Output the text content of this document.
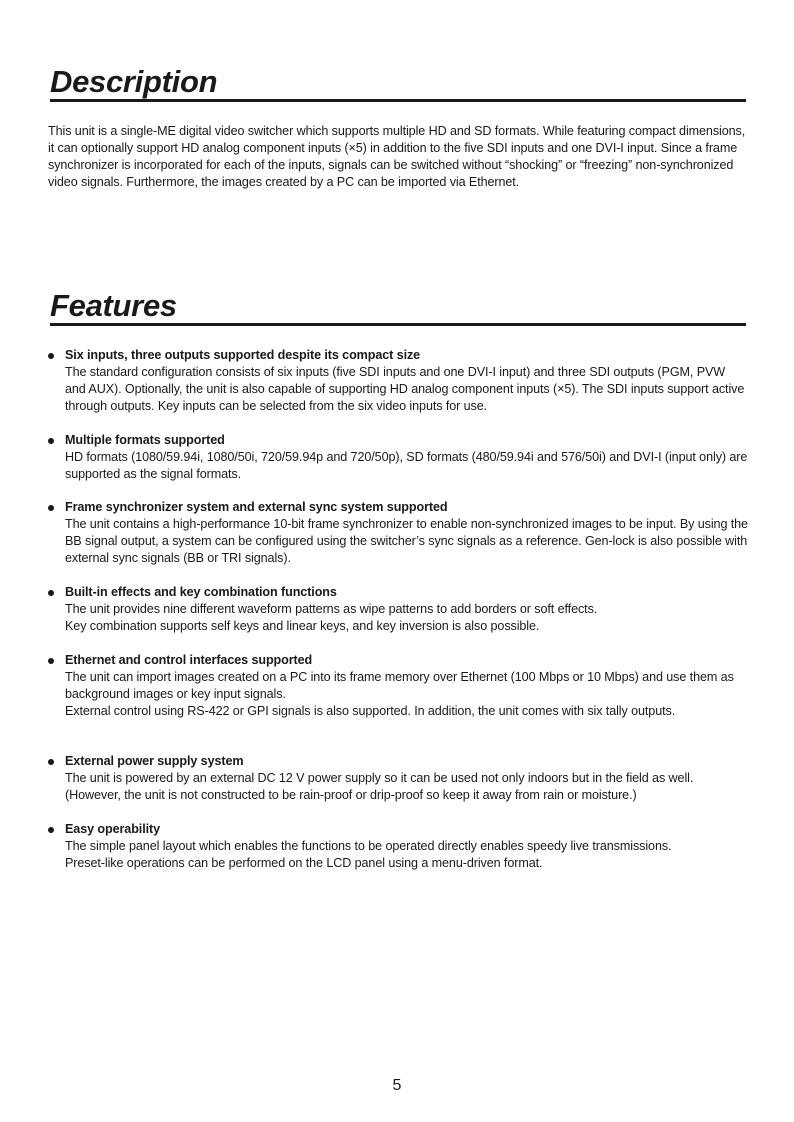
Description

This unit is a single-ME digital video switcher which supports multiple HD and SD formats. While featuring compact dimensions, it can optionally support HD analog component inputs (×5) in addition to the five SDI inputs and one DVI-I input. Since a frame synchronizer is incorporated for each of the inputs, signals can be switched without “shocking” or “freezing” non-synchronized video signals. Furthermore, the images created by a PC can be imported via Ethernet.

Features
Six inputs, three outputs supported despite its compact size
The standard configuration consists of six inputs (five SDI inputs and one DVI-I input) and three SDI outputs (PGM, PVW and AUX). Optionally, the unit is also capable of supporting HD analog component inputs (×5). The SDI inputs support active through outputs. Key inputs can be selected from the six video inputs for use.
Multiple formats supported
HD formats (1080/59.94i, 1080/50i, 720/59.94p and 720/50p), SD formats (480/59.94i and 576/50i) and DVI-I (input only) are supported as the signal formats.
Frame synchronizer system and external sync system supported
The unit contains a high-performance 10-bit frame synchronizer to enable non-synchronized images to be input. By using the BB signal output, a system can be configured using the switcher’s sync signals as a reference. Gen-lock is also possible with external sync signals (BB or TRI signals).
Built-in effects and key combination functions
The unit provides nine different waveform patterns as wipe patterns to add borders or soft effects.
Key combination supports self keys and linear keys, and key inversion is also possible.
Ethernet and control interfaces supported
The unit can import images created on a PC into its frame memory over Ethernet (100 Mbps or 10 Mbps) and use them as background images or key input signals.
External control using RS-422 or GPI signals is also supported. In addition, the unit comes with six tally outputs.
External power supply system
The unit is powered by an external DC 12 V power supply so it can be used not only indoors but in the field as well. (However, the unit is not constructed to be rain-proof or drip-proof so keep it away from rain or moisture.)
Easy operability
The simple panel layout which enables the functions to be operated directly enables speedy live transmissions.
Preset-like operations can be performed on the LCD panel using a menu-driven format.
5
